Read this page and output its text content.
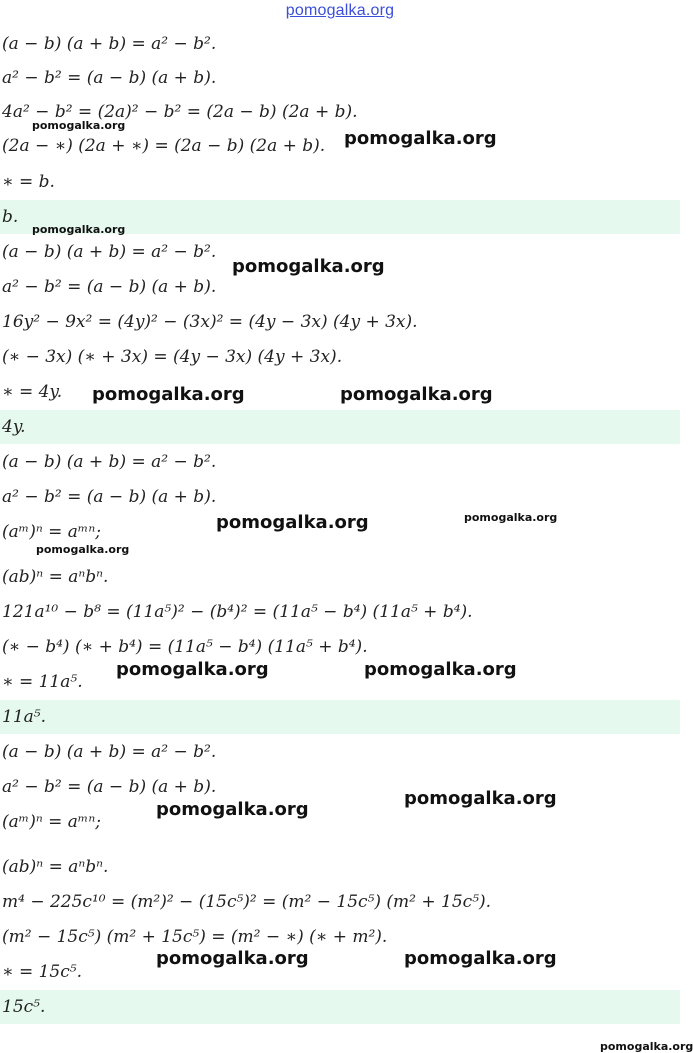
pomogalka.org
(a − b) (a + b) = a² − b².
a² − b² = (a − b) (a + b).
4a² − b² = (2a)² − b² = (2a − b) (2a + b).
(2a − ∗) (2a + ∗) = (2a − b) (2a + b).
∗ = b.
b.
(a − b) (a + b) = a² − b².
a² − b² = (a − b) (a + b).
16y² − 9x² = (4y)² − (3x)² = (4y − 3x) (4y + 3x).
(∗ − 3x) (∗ + 3x) = (4y − 3x) (4y + 3x).
∗ = 4y.
4y.
(a − b) (a + b) = a² − b².
a² − b² = (a − b) (a + b).
(aᵐ)ⁿ = aᵐⁿ;
(ab)ⁿ = aⁿbⁿ.
121a¹⁰ − b⁸ = (11a⁵)² − (b⁴)² = (11a⁵ − b⁴) (11a⁵ + b⁴).
(∗ − b⁴) (∗ + b⁴) = (11a⁵ − b⁴) (11a⁵ + b⁴).
∗ = 11a⁵.
11a⁵.
(a − b) (a + b) = a² − b².
a² − b² = (a − b) (a + b).
(aᵐ)ⁿ = aᵐⁿ;
(ab)ⁿ = aⁿbⁿ.
m⁴ − 225c¹⁰ = (m²)² − (15c⁵)² = (m² − 15c⁵) (m² + 15c⁵).
(m² − 15c⁵) (m² + 15c⁵) = (m² − ∗) (∗ + m²).
∗ = 15c⁵.
15c⁵.
pomogalka.org
pomogalka.org
pomogalka.org
pomogalka.org
pomogalka.org	pomogalka.org
pomogalka.org	pomogalka.org
pomogalka.org
pomogalka.org	pomogalka.org
pomogalka.org
pomogalka.org
pomogalka.org	pomogalka.org
pomogalka.org
